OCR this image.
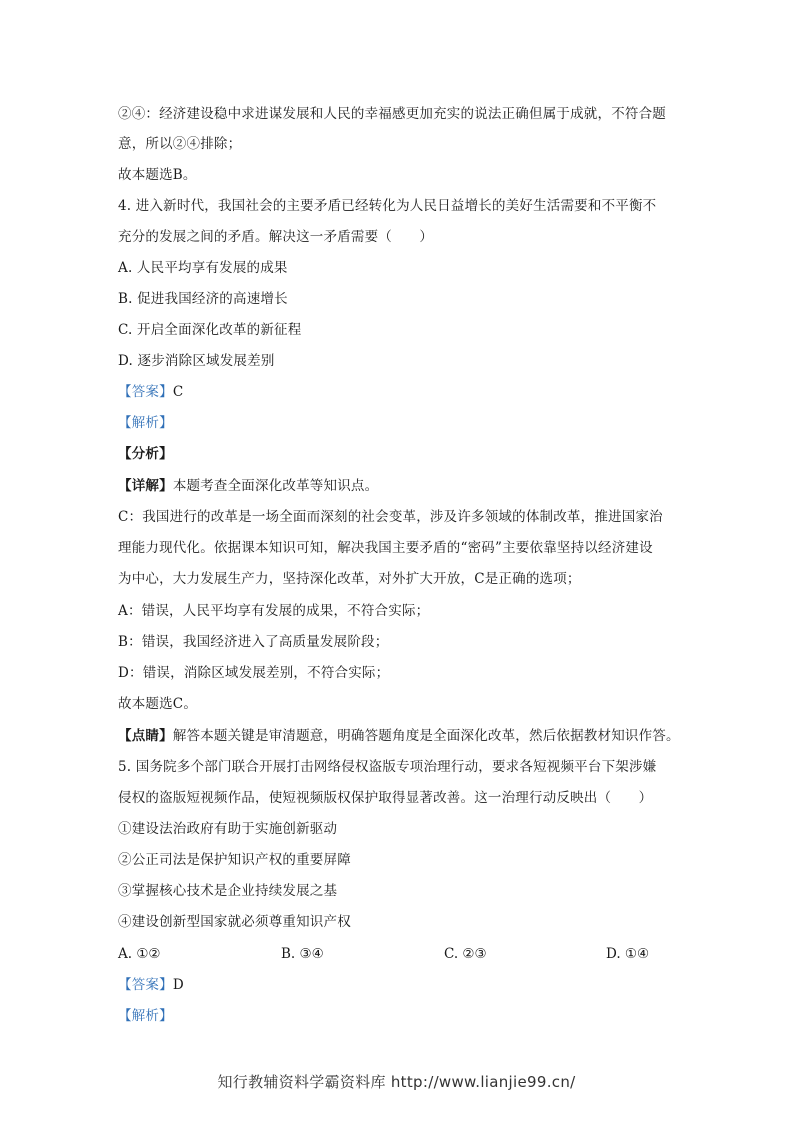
②④：经济建设稳中求进谋发展和人民的幸福感更加充实的说法正确但属于成就，不符合题
意，所以②④排除；
故本题选B。
4. 进入新时代，我国社会的主要矛盾已经转化为人民日益增长的美好生活需要和不平衡不
充分的发展之间的矛盾。解决这一矛盾需要（　　）
A. 人民平均享有发展的成果
B. 促进我国经济的高速增长
C. 开启全面深化改革的新征程
D. 逐步消除区域发展差别
【答案】C
【解析】
【分析】
【详解】本题考查全面深化改革等知识点。
C：我国进行的改革是一场全面而深刻的社会变革，涉及许多领域的体制改革，推进国家治
理能力现代化。依据课本知识可知，解决我国主要矛盾的“密码”主要依靠坚持以经济建设
为中心，大力发展生产力，坚持深化改革，对外扩大开放，C是正确的选项；
A：错误，人民平均享有发展的成果，不符合实际；
B：错误，我国经济进入了高质量发展阶段；
D：错误，消除区域发展差别，不符合实际；
故本题选C。
【点睛】解答本题关键是审清题意，明确答题角度是全面深化改革，然后依据教材知识作答。
5. 国务院多个部门联合开展打击网络侵权盗版专项治理行动，要求各短视频平台下架涉嫌
侵权的盗版短视频作品，使短视频版权保护取得显著改善。这一治理行动反映出（　　）
①建设法治政府有助于实施创新驱动
②公正司法是保护知识产权的重要屏障
③掌握核心技术是企业持续发展之基
④建设创新型国家就必须尊重知识产权
A. ①②	B. ③④	C. ②③	D. ①④
【答案】D
【解析】
知行教辅资料学霸资料库 http://www.lianjie99.cn/
